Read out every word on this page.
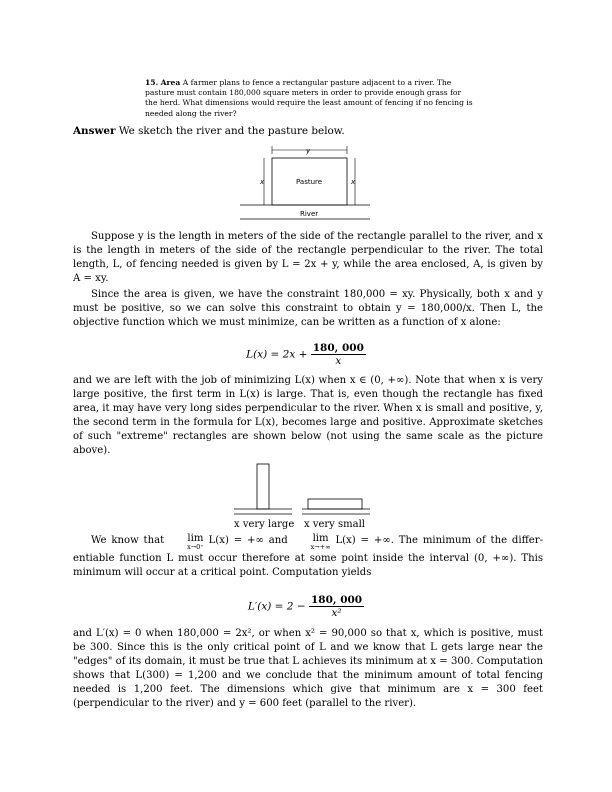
15. Area A farmer plans to fence a rectangular pasture adjacent to a river. The pasture must contain 180,000 square meters in order to provide enough grass for the herd. What dimensions would require the least amount of fencing if no fencing is needed along the river?
Answer We sketch the river and the pasture below.
y
x	x
Pasture
River

Suppose y is the length in meters of the side of the rectangle parallel to the river, and x is the length in meters of the side of the rectangle perpendicular to the river. The total length, L, of fencing needed is given by L = 2x + y, while the area enclosed, A, is given by A = xy.

Since the area is given, we have the constraint 180,000 = xy. Physically, both x and y must be positive, so we can solve this constraint to obtain y = 180,000/x. Then L, the objective function which we must minimize, can be written as a function of x alone:

$L(x) = 2x + \frac{180, 000}{x}$

and we are left with the job of minimizing L(x) when x ∈ (0, +∞). Note that when x is very large positive, the first term in L(x) is large. That is, even though the rectangle has fixed area, it may have very long sides perpendicular to the river. When x is small and positive, y, the second term in the formula for L(x), becomes large and positive. Approximate sketches of such "extreme" rectangles are shown below (not using the same scale as the picture above).

x very large x very small
We know that lim
x→0⁺
L(x) = +∞ and lim
x→+∞
L(x) = +∞. The minimum of the differ- entiable function L must occur therefore at some point inside the interval (0, +∞). This minimum will occur at a critical point. Computation yields
$L'(x) = 2 - \frac{180, 000}{\text{x²}}$

and L′(x) = 0 when 180,000 = 2x², or when x² = 90,000 so that x, which is positive, must be 300. Since this is the only critical point of L and we know that L gets large near the "edges" of its domain, it must be true that L achieves its minimum at x = 300. Computation shows that L(300) = 1,200 and we conclude that the minimum amount of total fencing needed is 1,200 feet. The dimensions which give that minimum are x = 300 feet (perpendicular to the river) and y = 600 feet (parallel to the river).
